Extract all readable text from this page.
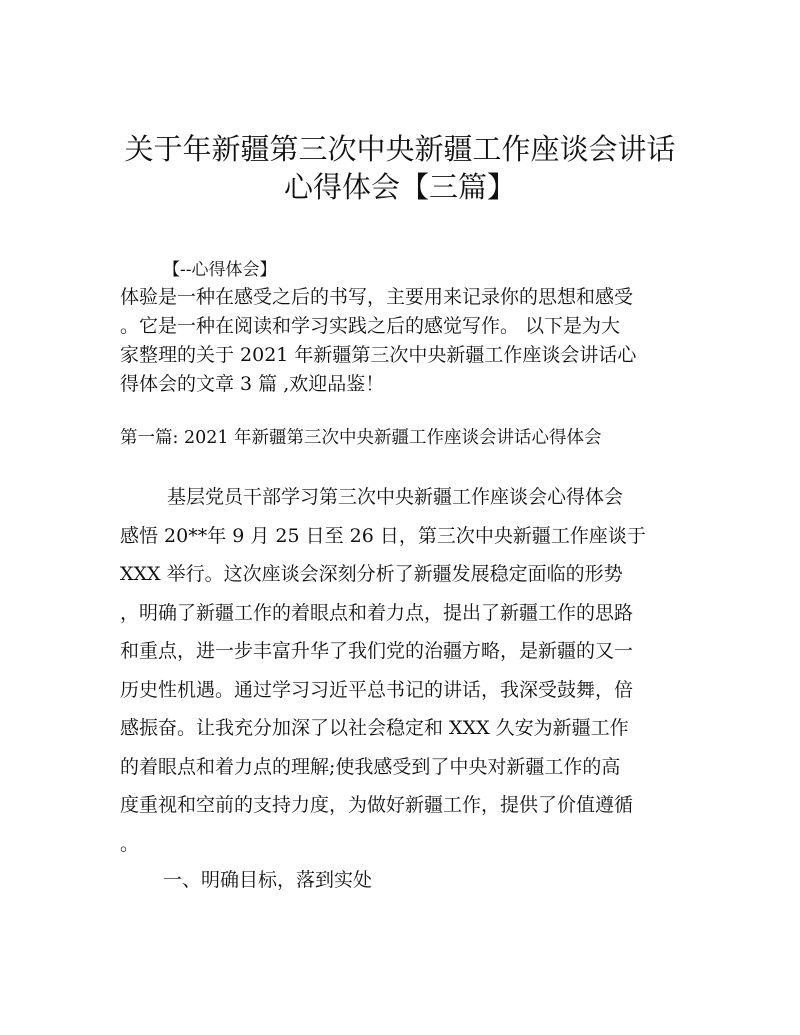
关于年新疆第三次中央新疆工作座谈会讲话
心得体会【三篇】

【--心得体会】

体验是一种在感受之后的书写，主要用来记录你的思想和感受
。它是一种在阅读和学习实践之后的感觉写作。 以下是为大
家整理的关于 2021 年新疆第三次中央新疆工作座谈会讲话心
得体会的文章 3 篇 ,欢迎品鉴！

第一篇: 2021 年新疆第三次中央新疆工作座谈会讲话心得体会

基层党员干部学习第三次中央新疆工作座谈会心得体会
感悟 20**年 9 月 25 日至 26 日，第三次中央新疆工作座谈于
XXX 举行。这次座谈会深刻分析了新疆发展稳定面临的形势
，明确了新疆工作的着眼点和着力点，提出了新疆工作的思路
和重点，进一步丰富升华了我们党的治疆方略，是新疆的又一
历史性机遇。通过学习习近平总书记的讲话，我深受鼓舞，倍
感振奋。让我充分加深了以社会稳定和 XXX 久安为新疆工作
的着眼点和着力点的理解;使我感受到了中央对新疆工作的高
度重视和空前的支持力度，为做好新疆工作，提供了价值遵循
。

一、明确目标，落到实处
